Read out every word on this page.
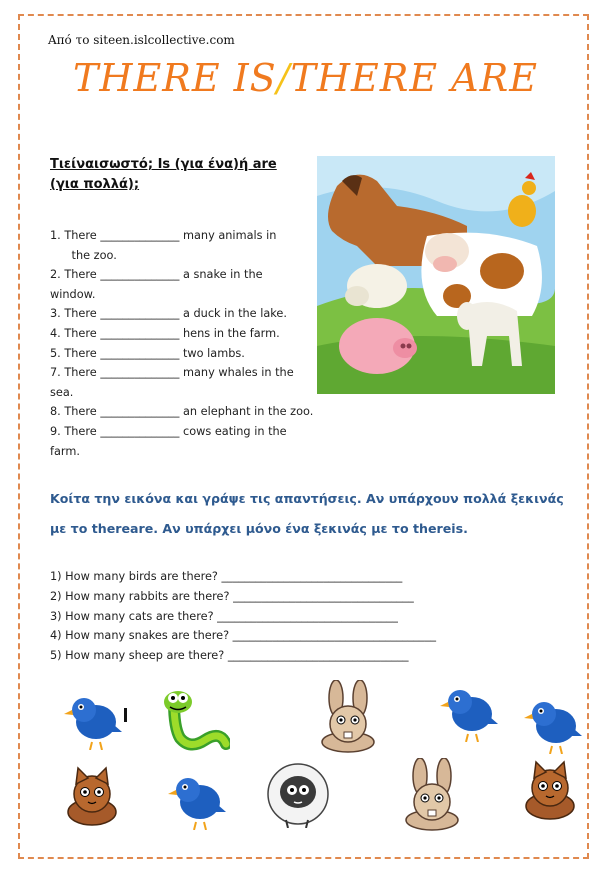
Από το siteen.islcollective.com
THERE IS/THERE ARE
Τιείναισωστό; Is (για ένα)ή are (για πολλά);
1. There ______________ many animals in
the zoo.
2. There ______________ a snake in the
window.
3. There ______________ a duck in the lake.
4. There ______________ hens in the farm.
5. There ______________ two lambs.
7. There ______________ many whales in the
sea.
8. There ______________ an elephant in the zoo.
9. There ______________ cows eating in the farm.
Κοίτα την εικόνα και γράψε τις απαντήσεις. Αν υπάρχουν πολλά ξεκινάς με το thereare. Αν υπάρχει μόνο ένα ξεκινάς με το thereis.
1) How many birds are there? ________________________________
2) How many rabbits are there? ________________________________
3) How many cats are there? ________________________________
4) How many snakes are there? ____________________________________
5) How many sheep are there? ________________________________
